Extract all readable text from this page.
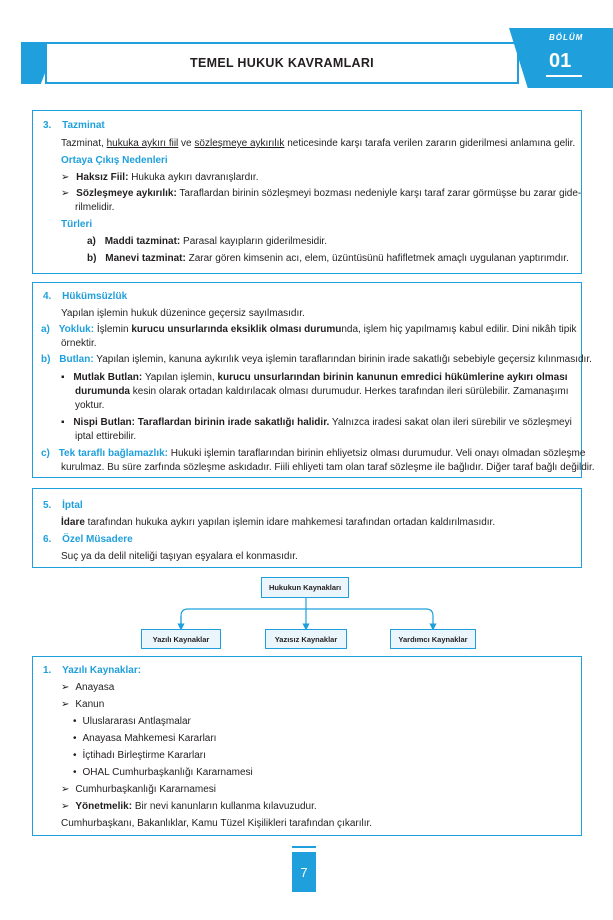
TEMEL HUKUK KAVRAMLARI
BÖLÜM
01
3. Tazminat
Tazminat, hukuka aykırı fiil ve sözleşmeye aykırılık neticesinde karşı tarafa verilen zararın giderilmesi anlamına gelir.
Ortaya Çıkış Nedenleri
➢ Haksız Fiil: Hukuka aykırı davranışlardır.
➢ Sözleşmeye aykırılık: Taraflardan birinin sözleşmeyi bozması nedeniyle karşı taraf zarar görmüşse bu zarar gide-
rilmelidir.
Türleri
a) Maddi tazminat: Parasal kayıpların giderilmesidir.
b) Manevi tazminat: Zarar gören kimsenin acı, elem, üzüntüsünü hafifletmek amaçlı uygulanan yaptırımdır.
4. Hükümsüzlük
Yapılan işlemin hukuk düzenince geçersiz sayılmasıdır.
a) Yokluk: İşlemin kurucu unsurlarında eksiklik olması durumunda, işlem hiç yapılmamış kabul edilir. Dini nikâh tipik
örnektir.
b) Butlan: Yapılan işlemin, kanuna aykırılık veya işlemin taraflarından birinin irade sakatlığı sebebiyle geçersiz kılınmasıdır.
▪ Mutlak Butlan: Yapılan işlemin, kurucu unsurlarından birinin kanunun emredici hükümlerine aykırı olması
durumunda kesin olarak ortadan kaldırılacak olması durumudur. Herkes tarafından ileri sürülebilir. Zamanaşımı
yoktur.
▪ Nispi Butlan: Taraflardan birinin irade sakatlığı halidir. Yalnızca iradesi sakat olan ileri sürebilir ve sözleşmeyi
iptal ettirebilir.
c) Tek taraflı bağlamazlık: Hukuki işlemin taraflarından birinin ehliyetsiz olması durumudur. Veli onayı olmadan sözleşme
kurulmaz. Bu süre zarfında sözleşme askıdadır. Fiili ehliyeti tam olan taraf sözleşme ile bağlıdır. Diğer taraf bağlı değildir.
5. İptal
İdare tarafından hukuka aykırı yapılan işlemin idare mahkemesi tarafından ortadan kaldırılmasıdır.
6. Özel Müsadere
Suç ya da delil niteliği taşıyan eşyalara el konmasıdır.
Hukukun Kaynakları
Yazılı Kaynaklar	Yazısız Kaynaklar	Yardımcı Kaynaklar
1. Yazılı Kaynaklar:
➢ Anayasa
➢ Kanun
• Uluslararası Antlaşmalar
• Anayasa Mahkemesi Kararları
• İçtihadı Birleştirme Kararları
• OHAL Cumhurbaşkanlığı Kararnamesi
➢ Cumhurbaşkanlığı Kararnamesi
➢ Yönetmelik: Bir nevi kanunların kullanma kılavuzudur.
Cumhurbaşkanı, Bakanlıklar, Kamu Tüzel Kişilikleri tarafından çıkarılır.
7
